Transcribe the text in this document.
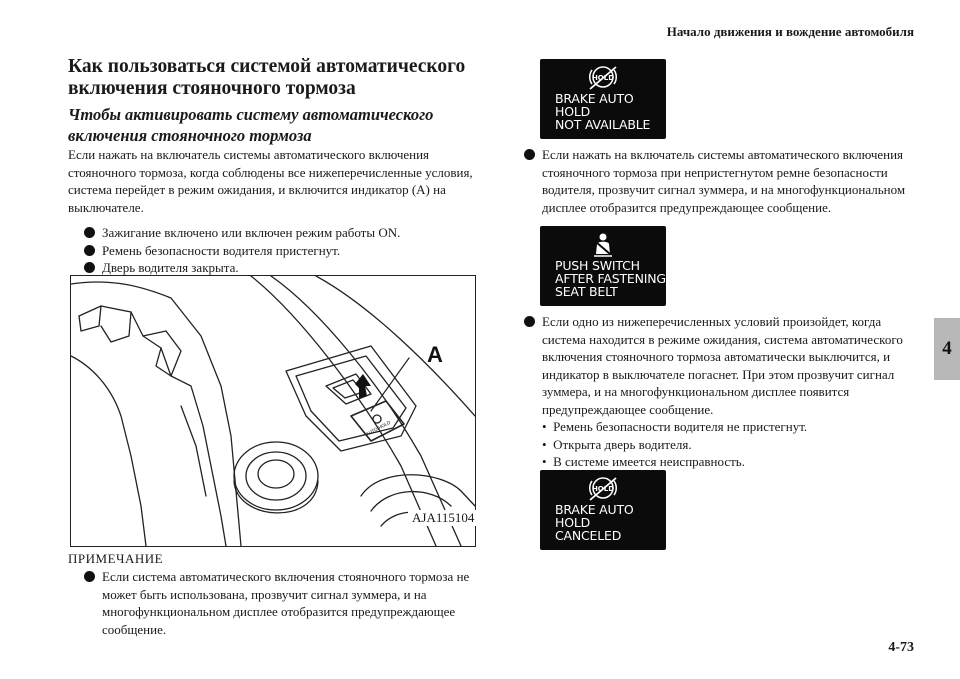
Начало движения и вождение автомобиля
4
Как пользоваться системой автоматического включения стояночного тормоза
Чтобы активировать систему автоматического включения стояночного тормоза
Если нажать на включатель системы автоматического включения стояночного тормоза, когда соблюдены все нижеперечисленные условия, система перейдет в режим ожидания, и включится индикатор (A) на выключателе.
Зажигание включено или включен режим работы ON.
Ремень безопасности водителя пристегнут.
Дверь водителя закрыта.
A
AUTO HOLD
AJA115104
ПРИМЕЧАНИЕ
Если система автоматического включения стояночного тормоза не может быть использована, прозвучит сигнал зуммера, и на многофункциональном дисплее отобразится предупреждающее сообщение.
HOLD
BRAKE AUTO HOLD
NOT AVAILABLE
Если нажать на включатель системы автоматического включения стояночного тормоза при непристегнутом ремне безопасности водителя, прозвучит сигнал зуммера, и на многофункциональном дисплее отобразится предупреждающее сообщение.
PUSH SWITCH
AFTER FASTENING
SEAT BELT
Если одно из нижеперечисленных условий произойдет, когда система находится в режиме ожидания, система автоматического включения стояночного тормоза автоматически выключится, и индикатор в выключателе погаснет. При этом прозвучит сигнал зуммера, и на многофункциональном дисплее появится предупреждающее сообщение.
• Ремень безопасности водителя не пристегнут.
• Открыта дверь водителя.
• В системе имеется неисправность.
HOLD
BRAKE AUTO HOLD
CANCELED
4-73
